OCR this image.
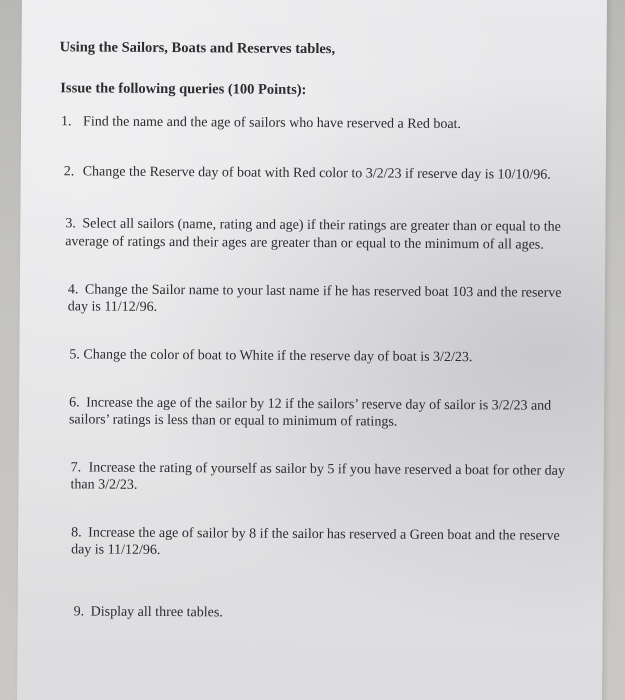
Using the Sailors, Boats and Reserves tables,
Issue the following queries (100 Points):
1. Find the name and the age of sailors who have reserved a Red boat.
2. Change the Reserve day of boat with Red color to 3/2/23 if reserve day is 10/10/96.
3. Select all sailors (name, rating and age) if their ratings are greater than or equal to the
average of ratings and their ages are greater than or equal to the minimum of all ages.
4. Change the Sailor name to your last name if he has reserved boat 103 and the reserve
day is 11/12/96.
5. Change the color of boat to White if the reserve day of boat is 3/2/23.
6. Increase the age of the sailor by 12 if the sailors’ reserve day of sailor is 3/2/23 and
sailors’ ratings is less than or equal to minimum of ratings.
7. Increase the rating of yourself as sailor by 5 if you have reserved a boat for other day
than 3/2/23.
8. Increase the age of sailor by 8 if the sailor has reserved a Green boat and the reserve
day is 11/12/96.
9. Display all three tables.
